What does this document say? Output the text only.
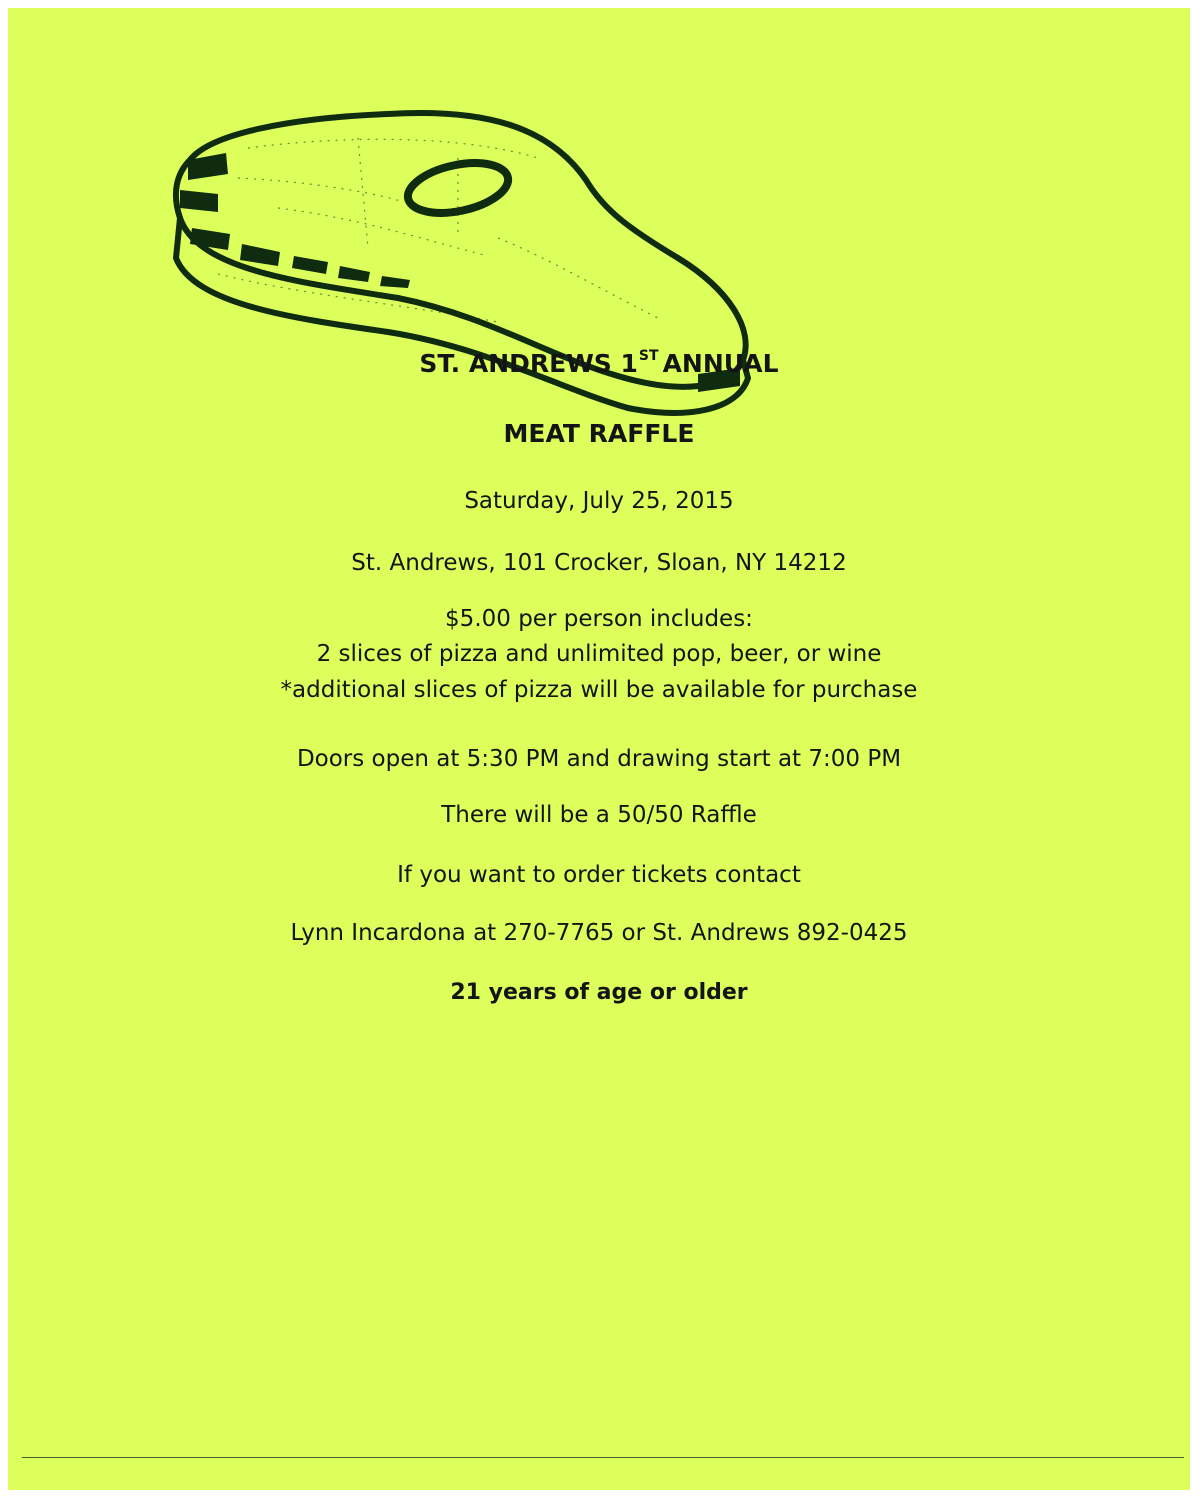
ST. ANDREWS 1ST ANNUAL
MEAT RAFFLE
Saturday, July 25, 2015
St. Andrews, 101 Crocker, Sloan, NY 14212
$5.00 per person includes:
2 slices of pizza and unlimited pop, beer, or wine
*additional slices of pizza will be available for purchase
Doors open at 5:30 PM and drawing start at 7:00 PM
There will be a 50/50 Raffle
If you want to order tickets contact
Lynn Incardona at 270-7765 or St. Andrews 892-0425
21 years of age or older
